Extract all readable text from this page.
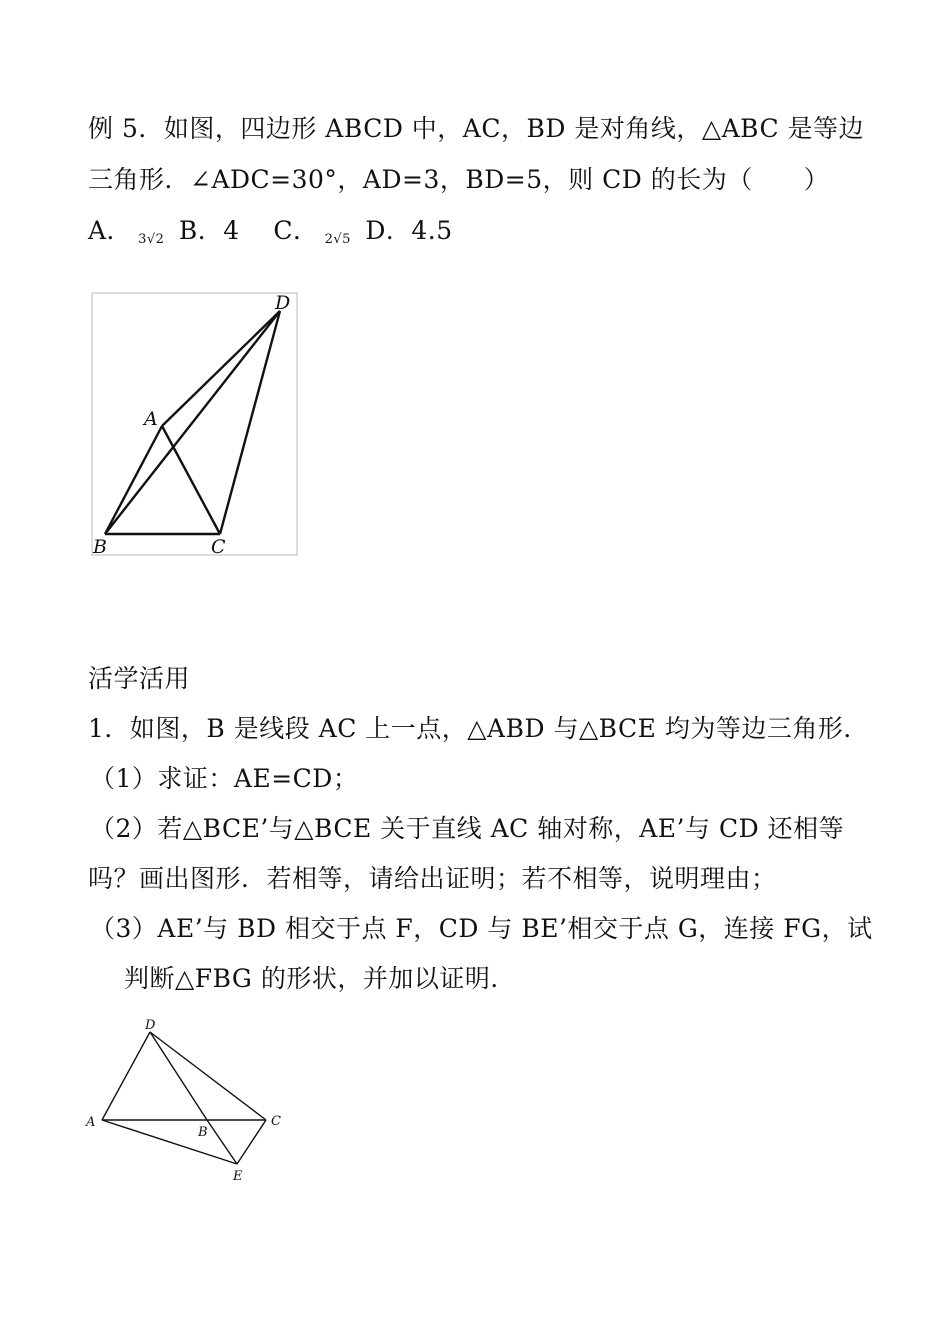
例 5．如图，四边形 ABCD 中，AC，BD 是对角线，△ABC 是等边
三角形．∠ADC=30°，AD=3，BD=5，则 CD 的长为（　　）
A． 3√2 B．4 C． 2√5 D．4.5
A
B	C
D
活学活用
1．如图，B 是线段 AC 上一点，△ABD 与△BCE 均为等边三角形．
（1）求证：AE=CD；
（2）若△BCE’与△BCE 关于直线 AC 轴对称，AE’与 CD 还相等
吗？画出图形．若相等，请给出证明；若不相等，说明理由；
（3）AE’与 BD 相交于点 F，CD 与 BE’相交于点 G，连接 FG，试
判断△FBG 的形状，并加以证明．
D
A
B
C
E
